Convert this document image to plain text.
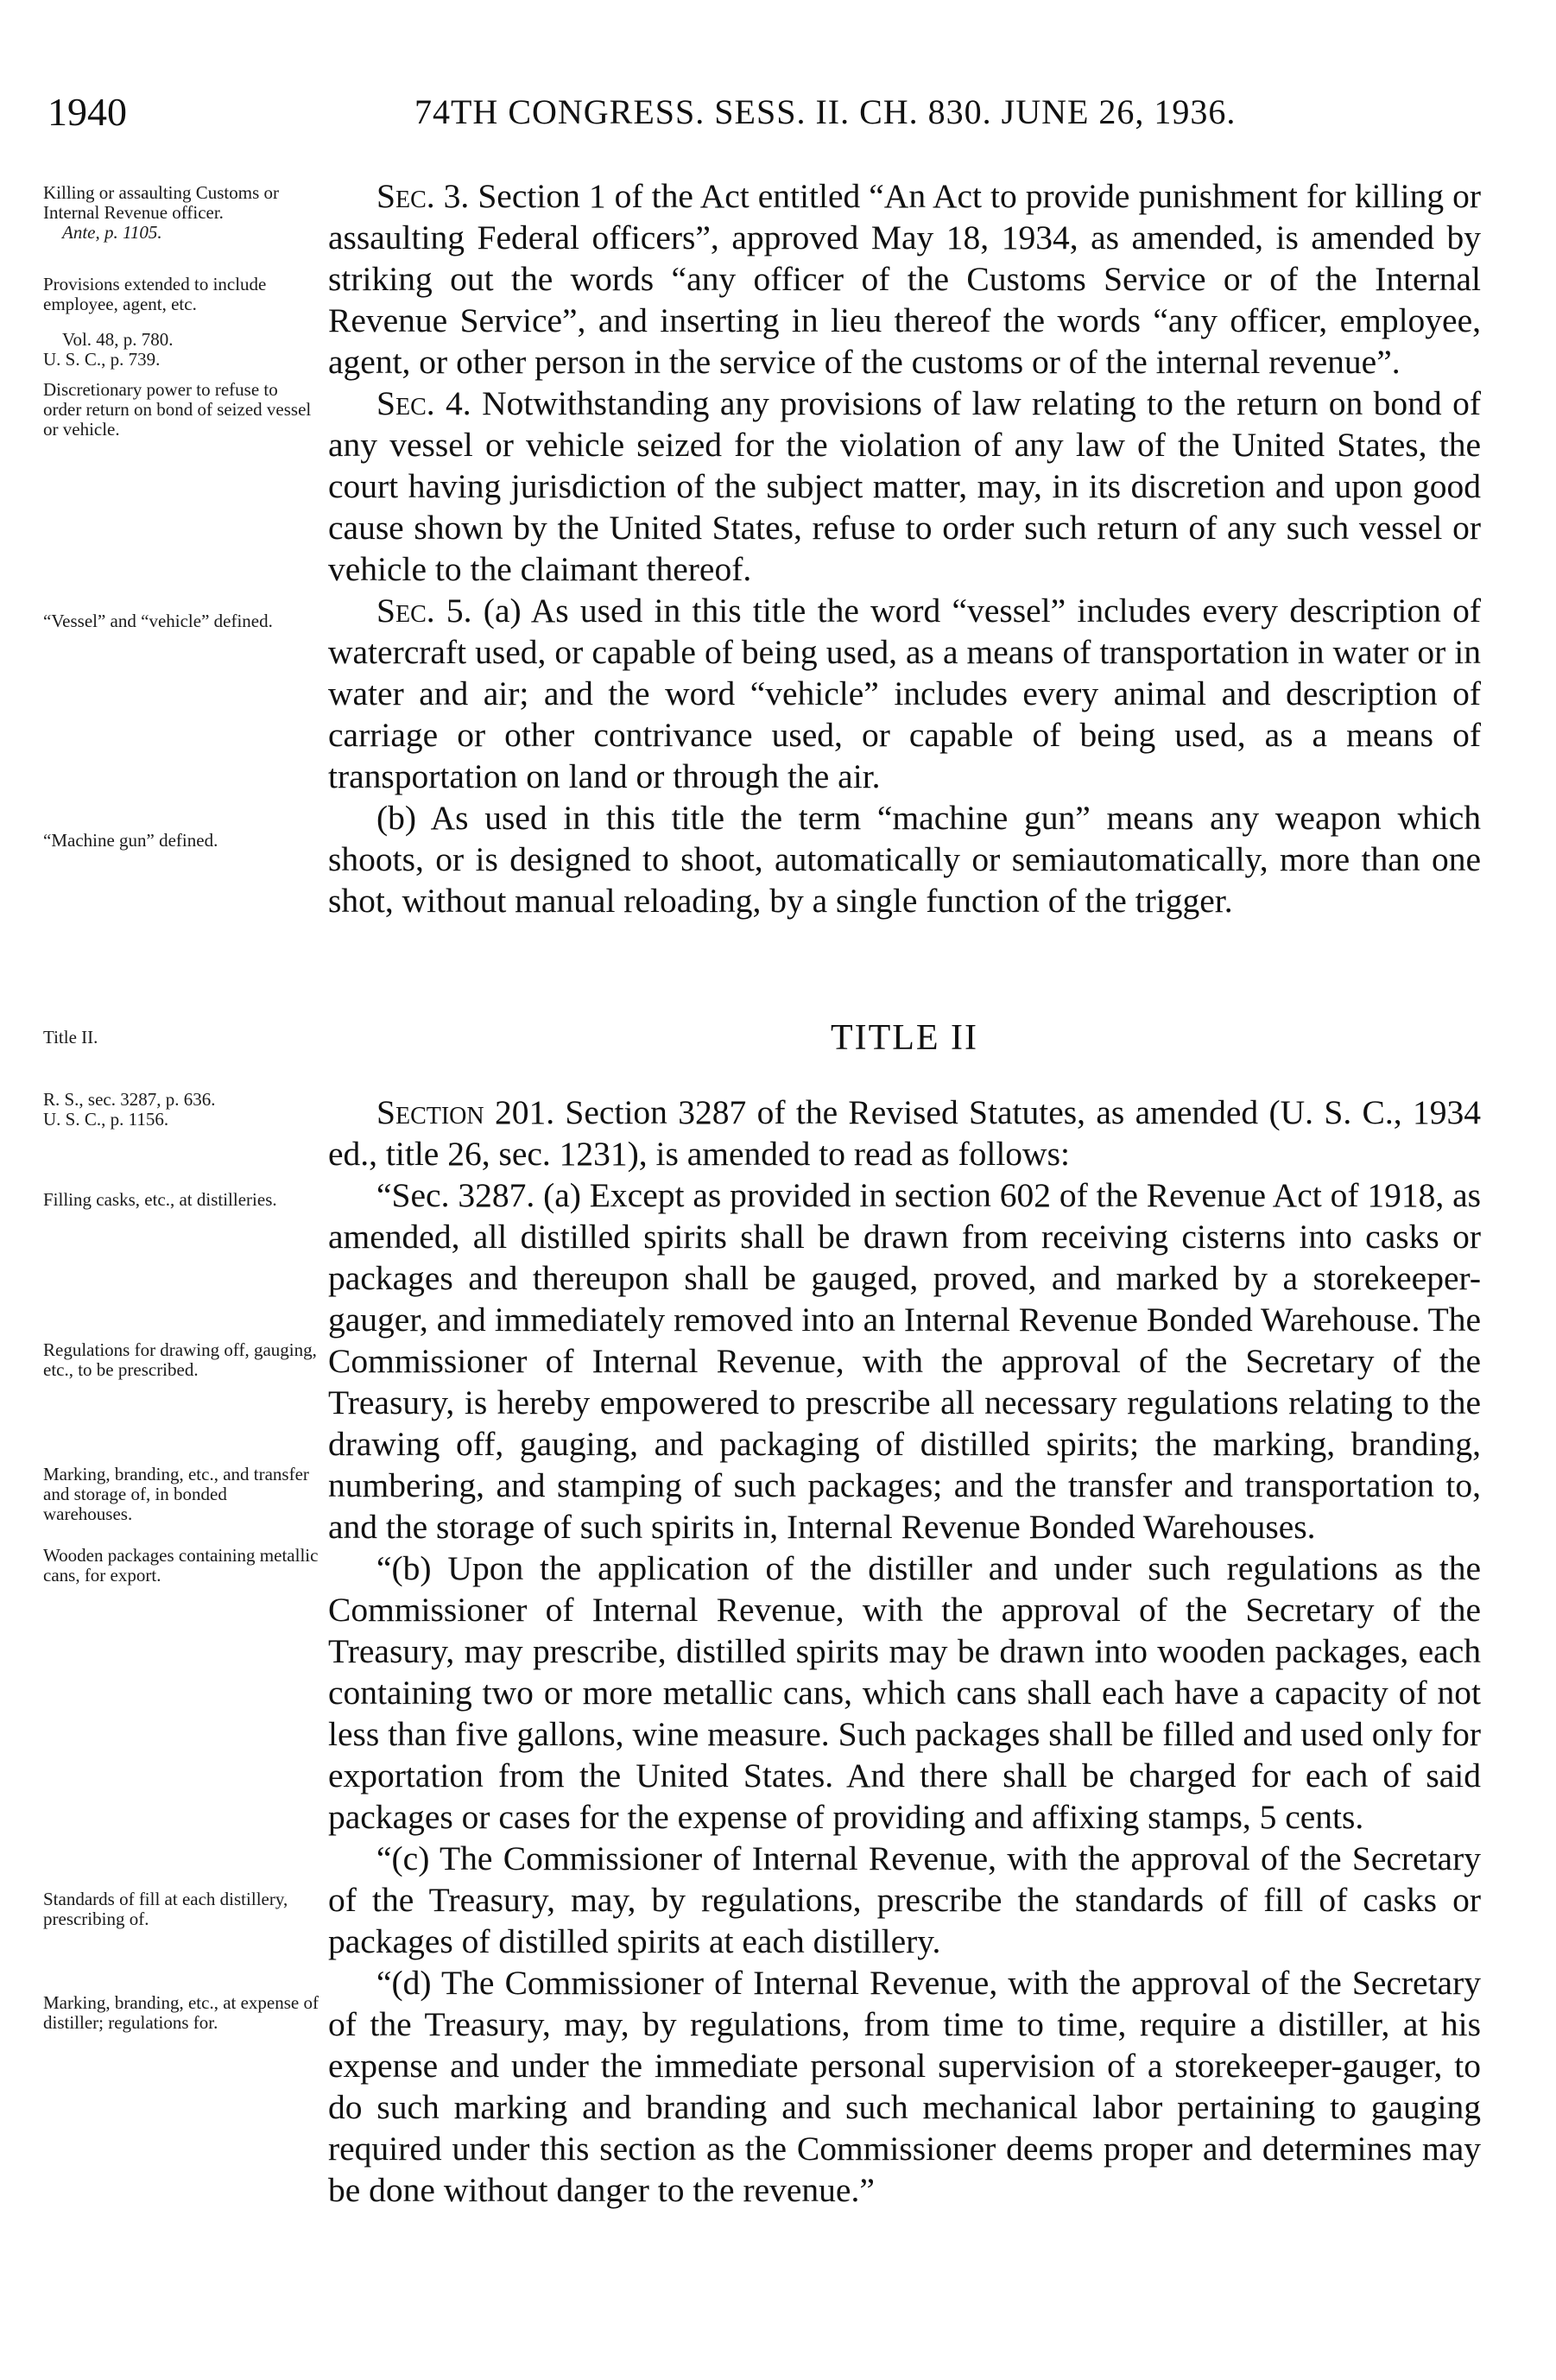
1940	74TH CONGRESS. SESS. II. CH. 830. JUNE 26, 1936.
Killing or assaulting Customs or Internal Revenue officer.
Ante, p. 1105.
Provisions extended to include employee, agent, etc.
Vol. 48, p. 780.
U. S. C., p. 739.
Discretionary power to refuse to order return on bond of seized vessel or vehicle.
“Vessel” and “vehicle” defined.
“Machine gun” defined.
Title II.
R. S., sec. 3287, p. 636.
U. S. C., p. 1156.
Filling casks, etc., at distilleries.
Regulations for drawing off, gauging, etc., to be prescribed.
Marking, branding, etc., and transfer and storage of, in bonded warehouses.
Wooden packages containing metallic cans, for export.
Standards of fill at each distillery, prescribing of.
Marking, branding, etc., at expense of distiller; regulations for.

Sec. 3. Section 1 of the Act entitled “An Act to provide punishment for killing or assaulting Federal officers”, approved May 18, 1934, as amended, is amended by striking out the words “any officer of the Customs Service or of the Internal Revenue Service”, and inserting in lieu thereof the words “any officer, employee, agent, or other person in the service of the customs or of the internal revenue”.

Sec. 4. Notwithstanding any provisions of law relating to the return on bond of any vessel or vehicle seized for the violation of any law of the United States, the court having jurisdiction of the subject matter, may, in its discretion and upon good cause shown by the United States, refuse to order such return of any such vessel or vehicle to the claimant thereof.

Sec. 5. (a) As used in this title the word “vessel” includes every description of watercraft used, or capable of being used, as a means of transportation in water or in water and air; and the word “vehicle” includes every animal and description of carriage or other contrivance used, or capable of being used, as a means of transportation on land or through the air.

(b) As used in this title the term “machine gun” means any weapon which shoots, or is designed to shoot, automatically or semiautomatically, more than one shot, without manual reloading, by a single function of the trigger.

TITLE II

Section 201. Section 3287 of the Revised Statutes, as amended (U. S. C., 1934 ed., title 26, sec. 1231), is amended to read as follows:

“Sec. 3287. (a) Except as provided in section 602 of the Revenue Act of 1918, as amended, all distilled spirits shall be drawn from receiving cisterns into casks or packages and thereupon shall be gauged, proved, and marked by a storekeeper-gauger, and immediately removed into an Internal Revenue Bonded Warehouse. The Commissioner of Internal Revenue, with the approval of the Secretary of the Treasury, is hereby empowered to prescribe all necessary regulations relating to the drawing off, gauging, and packaging of distilled spirits; the marking, branding, numbering, and stamping of such packages; and the transfer and transportation to, and the storage of such spirits in, Internal Revenue Bonded Warehouses.

“(b) Upon the application of the distiller and under such regulations as the Commissioner of Internal Revenue, with the approval of the Secretary of the Treasury, may prescribe, distilled spirits may be drawn into wooden packages, each containing two or more metallic cans, which cans shall each have a capacity of not less than five gallons, wine measure. Such packages shall be filled and used only for exportation from the United States. And there shall be charged for each of said packages or cases for the expense of providing and affixing stamps, 5 cents.

“(c) The Commissioner of Internal Revenue, with the approval of the Secretary of the Treasury, may, by regulations, prescribe the standards of fill of casks or packages of distilled spirits at each distillery.

“(d) The Commissioner of Internal Revenue, with the approval of the Secretary of the Treasury, may, by regulations, from time to time, require a distiller, at his expense and under the immediate personal supervision of a storekeeper-gauger, to do such marking and branding and such mechanical labor pertaining to gauging required under this section as the Commissioner deems proper and determines may be done without danger to the revenue.”
